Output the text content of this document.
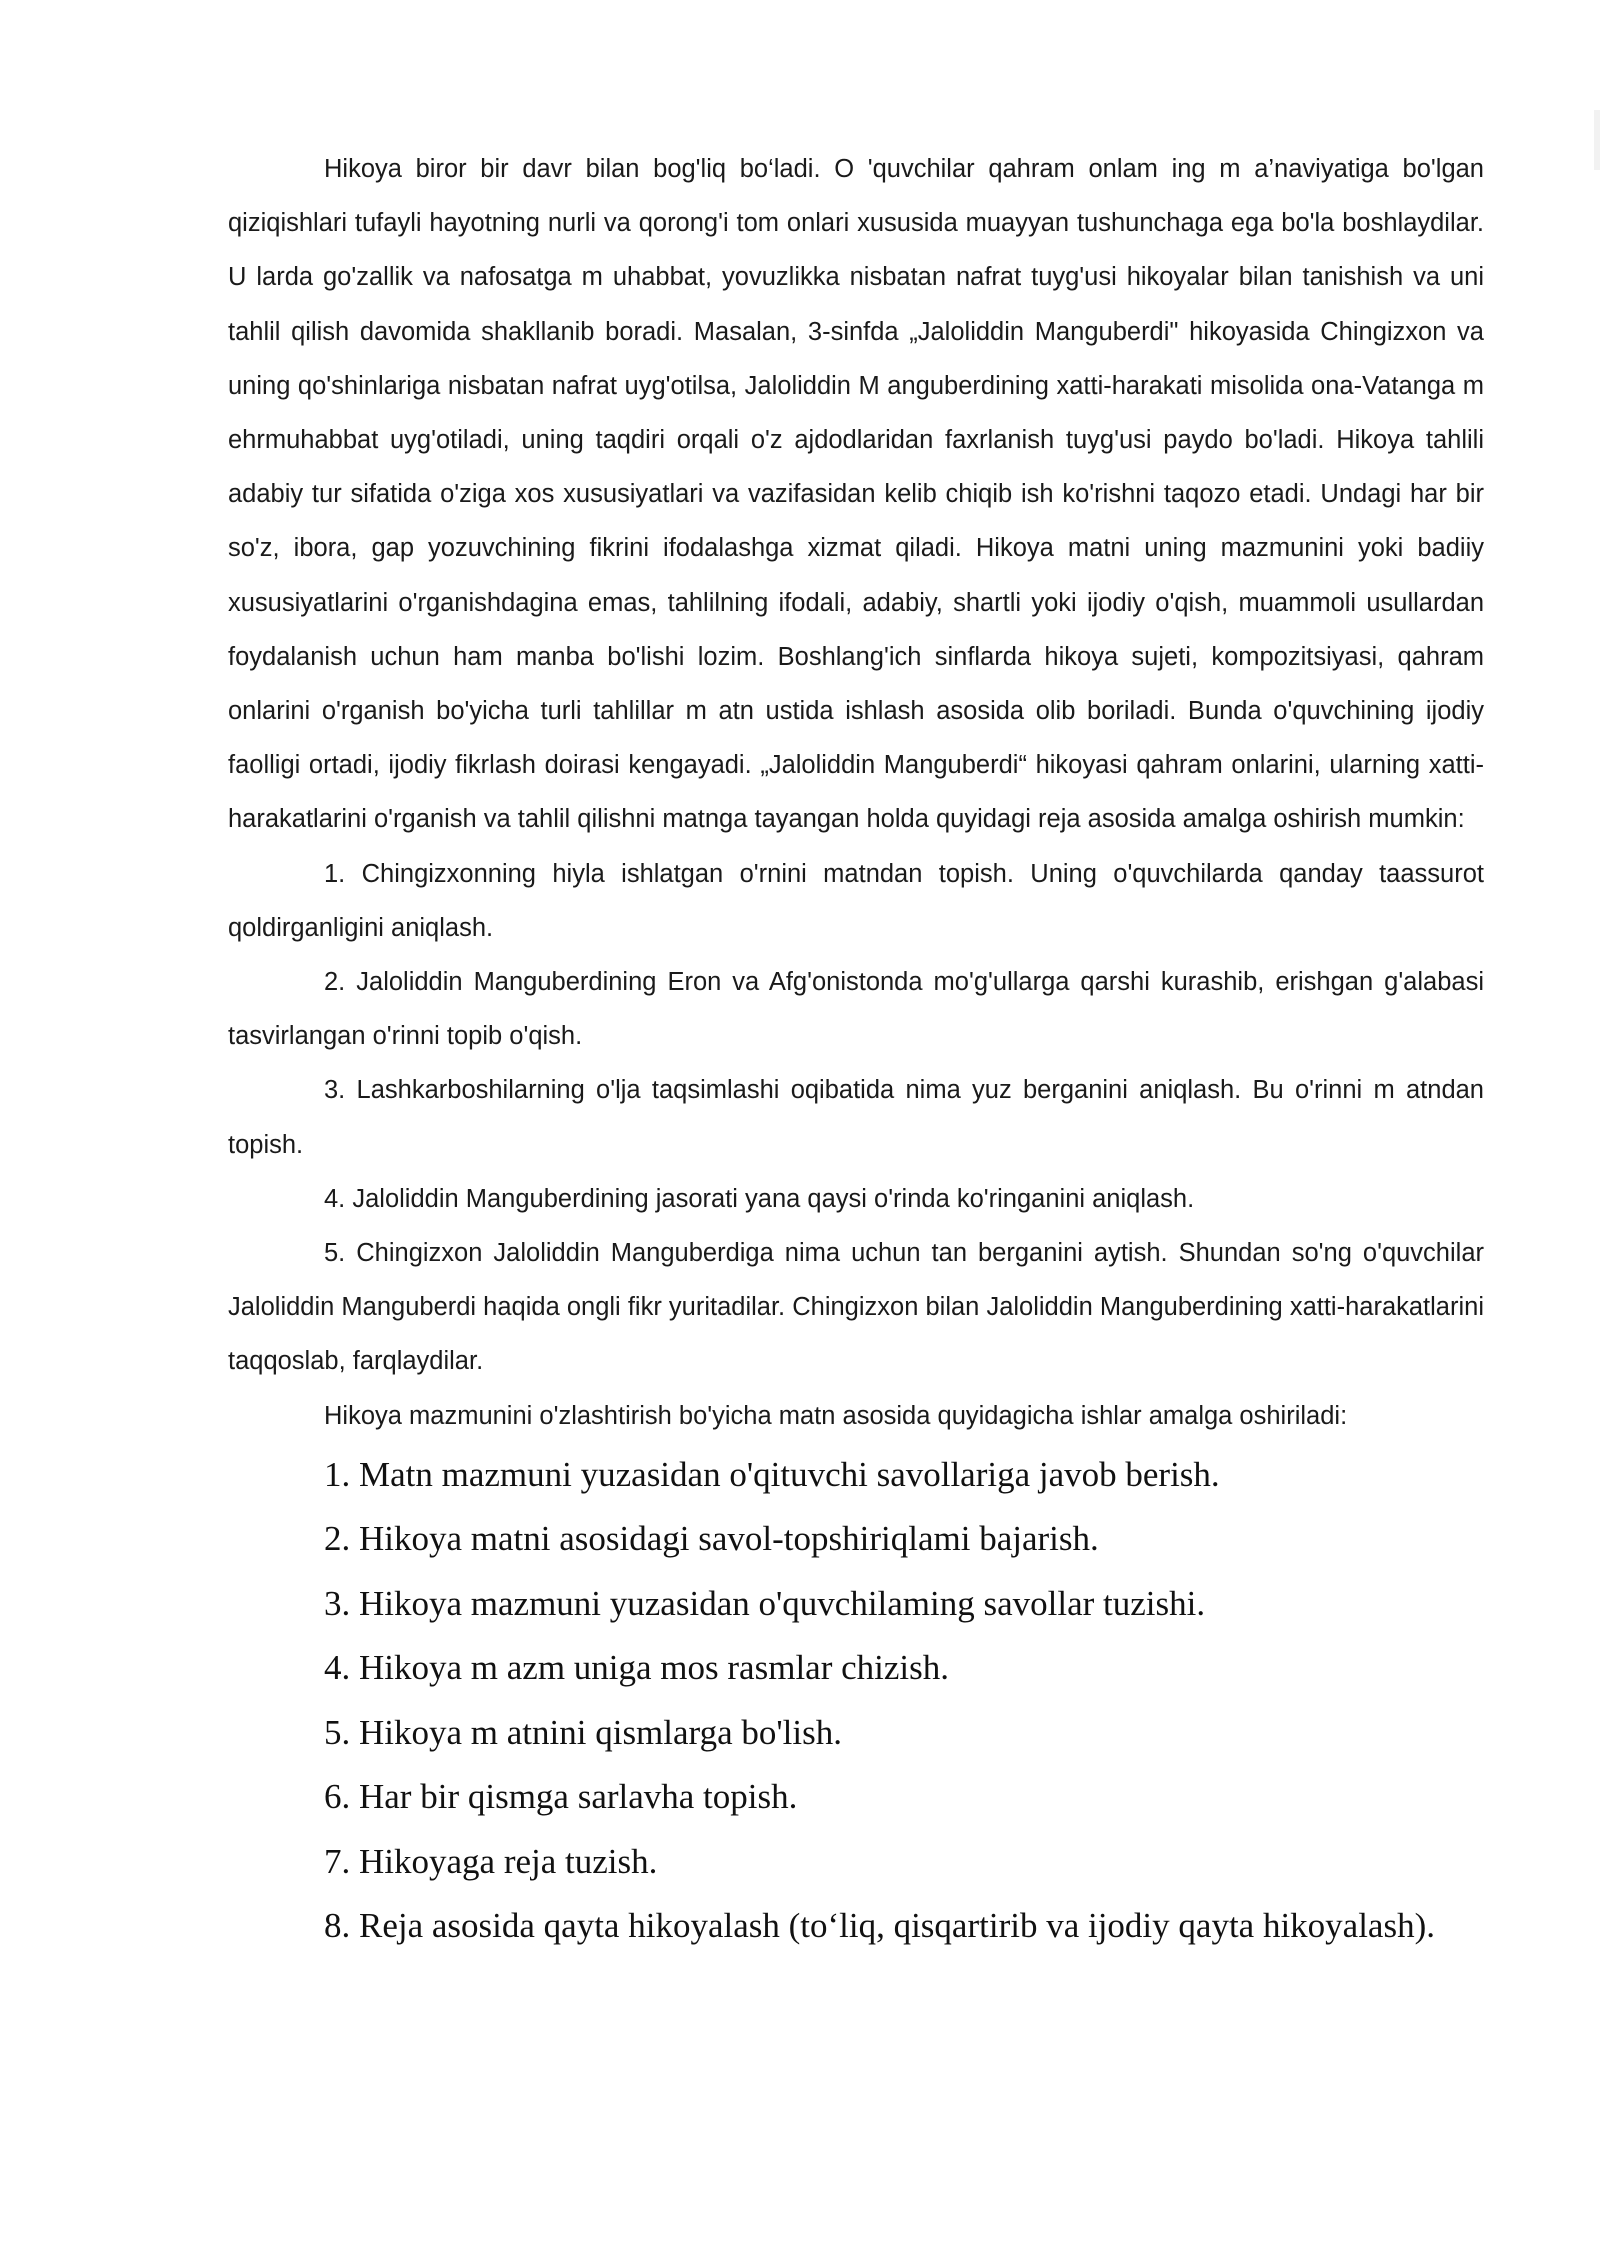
Hikoya biror bir davr bilan bog'liq bo‘ladi. O 'quvchilar qahram onlam ing m a’naviyatiga bo'lgan qiziqishlari tufayli hayotning nurli va qorong'i tom onlari xususida muayyan tushunchaga ega bo'la boshlaydilar. U larda go'zallik va nafosatga m uhabbat, yovuzlikka nisbatan nafrat tuyg'usi hikoyalar bilan tanishish va uni tahlil qilish davomida shakllanib boradi. Masalan, 3-sinfda „Jaloliddin Manguberdi" hikoyasida Chingizxon va uning qo'shinlariga nisbatan nafrat uyg'otilsa, Jaloliddin M anguberdining xatti-harakati misolida ona-Vatanga m ehrmuhabbat uyg'otiladi, uning taqdiri orqali o'z ajdodlaridan faxrlanish tuyg'usi paydo bo'ladi. Hikoya tahlili adabiy tur sifatida o'ziga xos xususiyatlari va vazifasidan kelib chiqib ish ko'rishni taqozo etadi. Undagi har bir so'z, ibora, gap yozuvchining fikrini ifodalashga xizmat qiladi. Hikoya matni uning mazmunini yoki badiiy xususiyatlarini o'rganishdagina emas, tahlilning ifodali, adabiy, shartli yoki ijodiy o'qish, muammoli usullardan foydalanish uchun ham manba bo'lishi lozim. Boshlang'ich sinflarda hikoya sujeti, kompozitsiyasi, qahram onlarini o'rganish bo'yicha turli tahlillar m atn ustida ishlash asosida olib boriladi. Bunda o'quvchining ijodiy faolligi ortadi, ijodiy fikrlash doirasi kengayadi. „Jaloliddin Manguberdi“ hikoyasi qahram onlarini, ularning xatti-harakatlarini o'rganish va tahlil qilishni matnga tayangan holda quyidagi reja asosida amalga oshirish mumkin:

1. Chingizxonning hiyla ishlatgan o'rnini matndan topish. Uning o'quvchilarda qanday taassurot qoldirganligini aniqlash.

2. Jaloliddin Manguberdining Eron va Afg'onistonda mo'g'ullarga qarshi kurashib, erishgan g'alabasi tasvirlangan o'rinni topib o'qish.

3. Lashkarboshilarning o'lja taqsimlashi oqibatida nima yuz berganini aniqlash. Bu o'rinni m atndan topish.

4. Jaloliddin Manguberdining jasorati yana qaysi o'rinda ko'ringanini aniqlash.

5. Chingizxon Jaloliddin Manguberdiga nima uchun tan berganini aytish. Shundan so'ng o'quvchilar Jaloliddin Manguberdi haqida ongli fikr yuritadilar. Chingizxon bilan Jaloliddin Manguberdining xatti-harakatlarini taqqoslab, farqlaydilar.

Hikoya mazmunini o'zlashtirish bo'yicha matn asosida quyidagicha ishlar amalga oshiriladi:

1. Matn mazmuni yuzasidan o'qituvchi savollariga javob berish.

2. Hikoya matni asosidagi savol-topshiriqlami bajarish.

3. Hikoya mazmuni yuzasidan o'quvchilaming savollar tuzishi.

4. Hikoya m azm uniga mos rasmlar chizish.

5. Hikoya m atnini qismlarga bo'lish.

6. Har bir qismga sarlavha topish.

7. Hikoyaga reja tuzish.

8. Reja asosida qayta hikoyalash (to‘liq, qisqartirib va ijodiy qayta hikoyalash).
